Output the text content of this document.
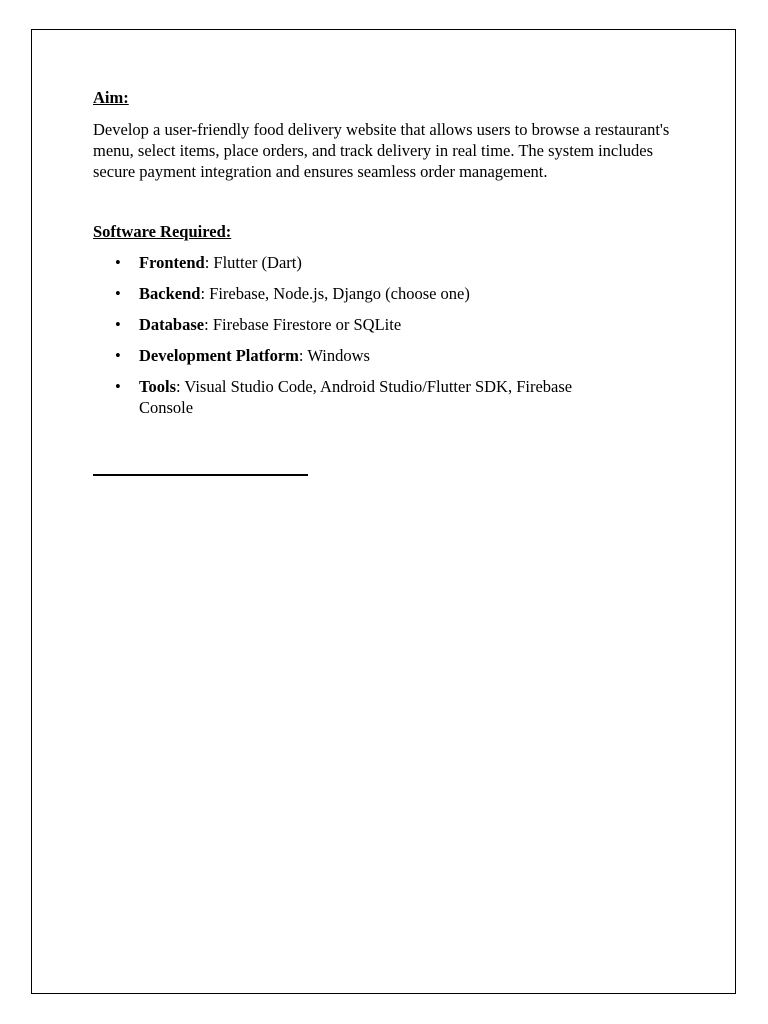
Aim:

Develop a user-friendly food delivery website that allows users to browse a restaurant's menu, select items, place orders, and track delivery in real time. The system includes secure payment integration and ensures seamless order management.

Software Required:

• Frontend: Flutter (Dart)
• Backend: Firebase, Node.js, Django (choose one)
• Database: Firebase Firestore or SQLite
• Development Platform: Windows
• Tools: Visual Studio Code, Android Studio/Flutter SDK, Firebase Console
